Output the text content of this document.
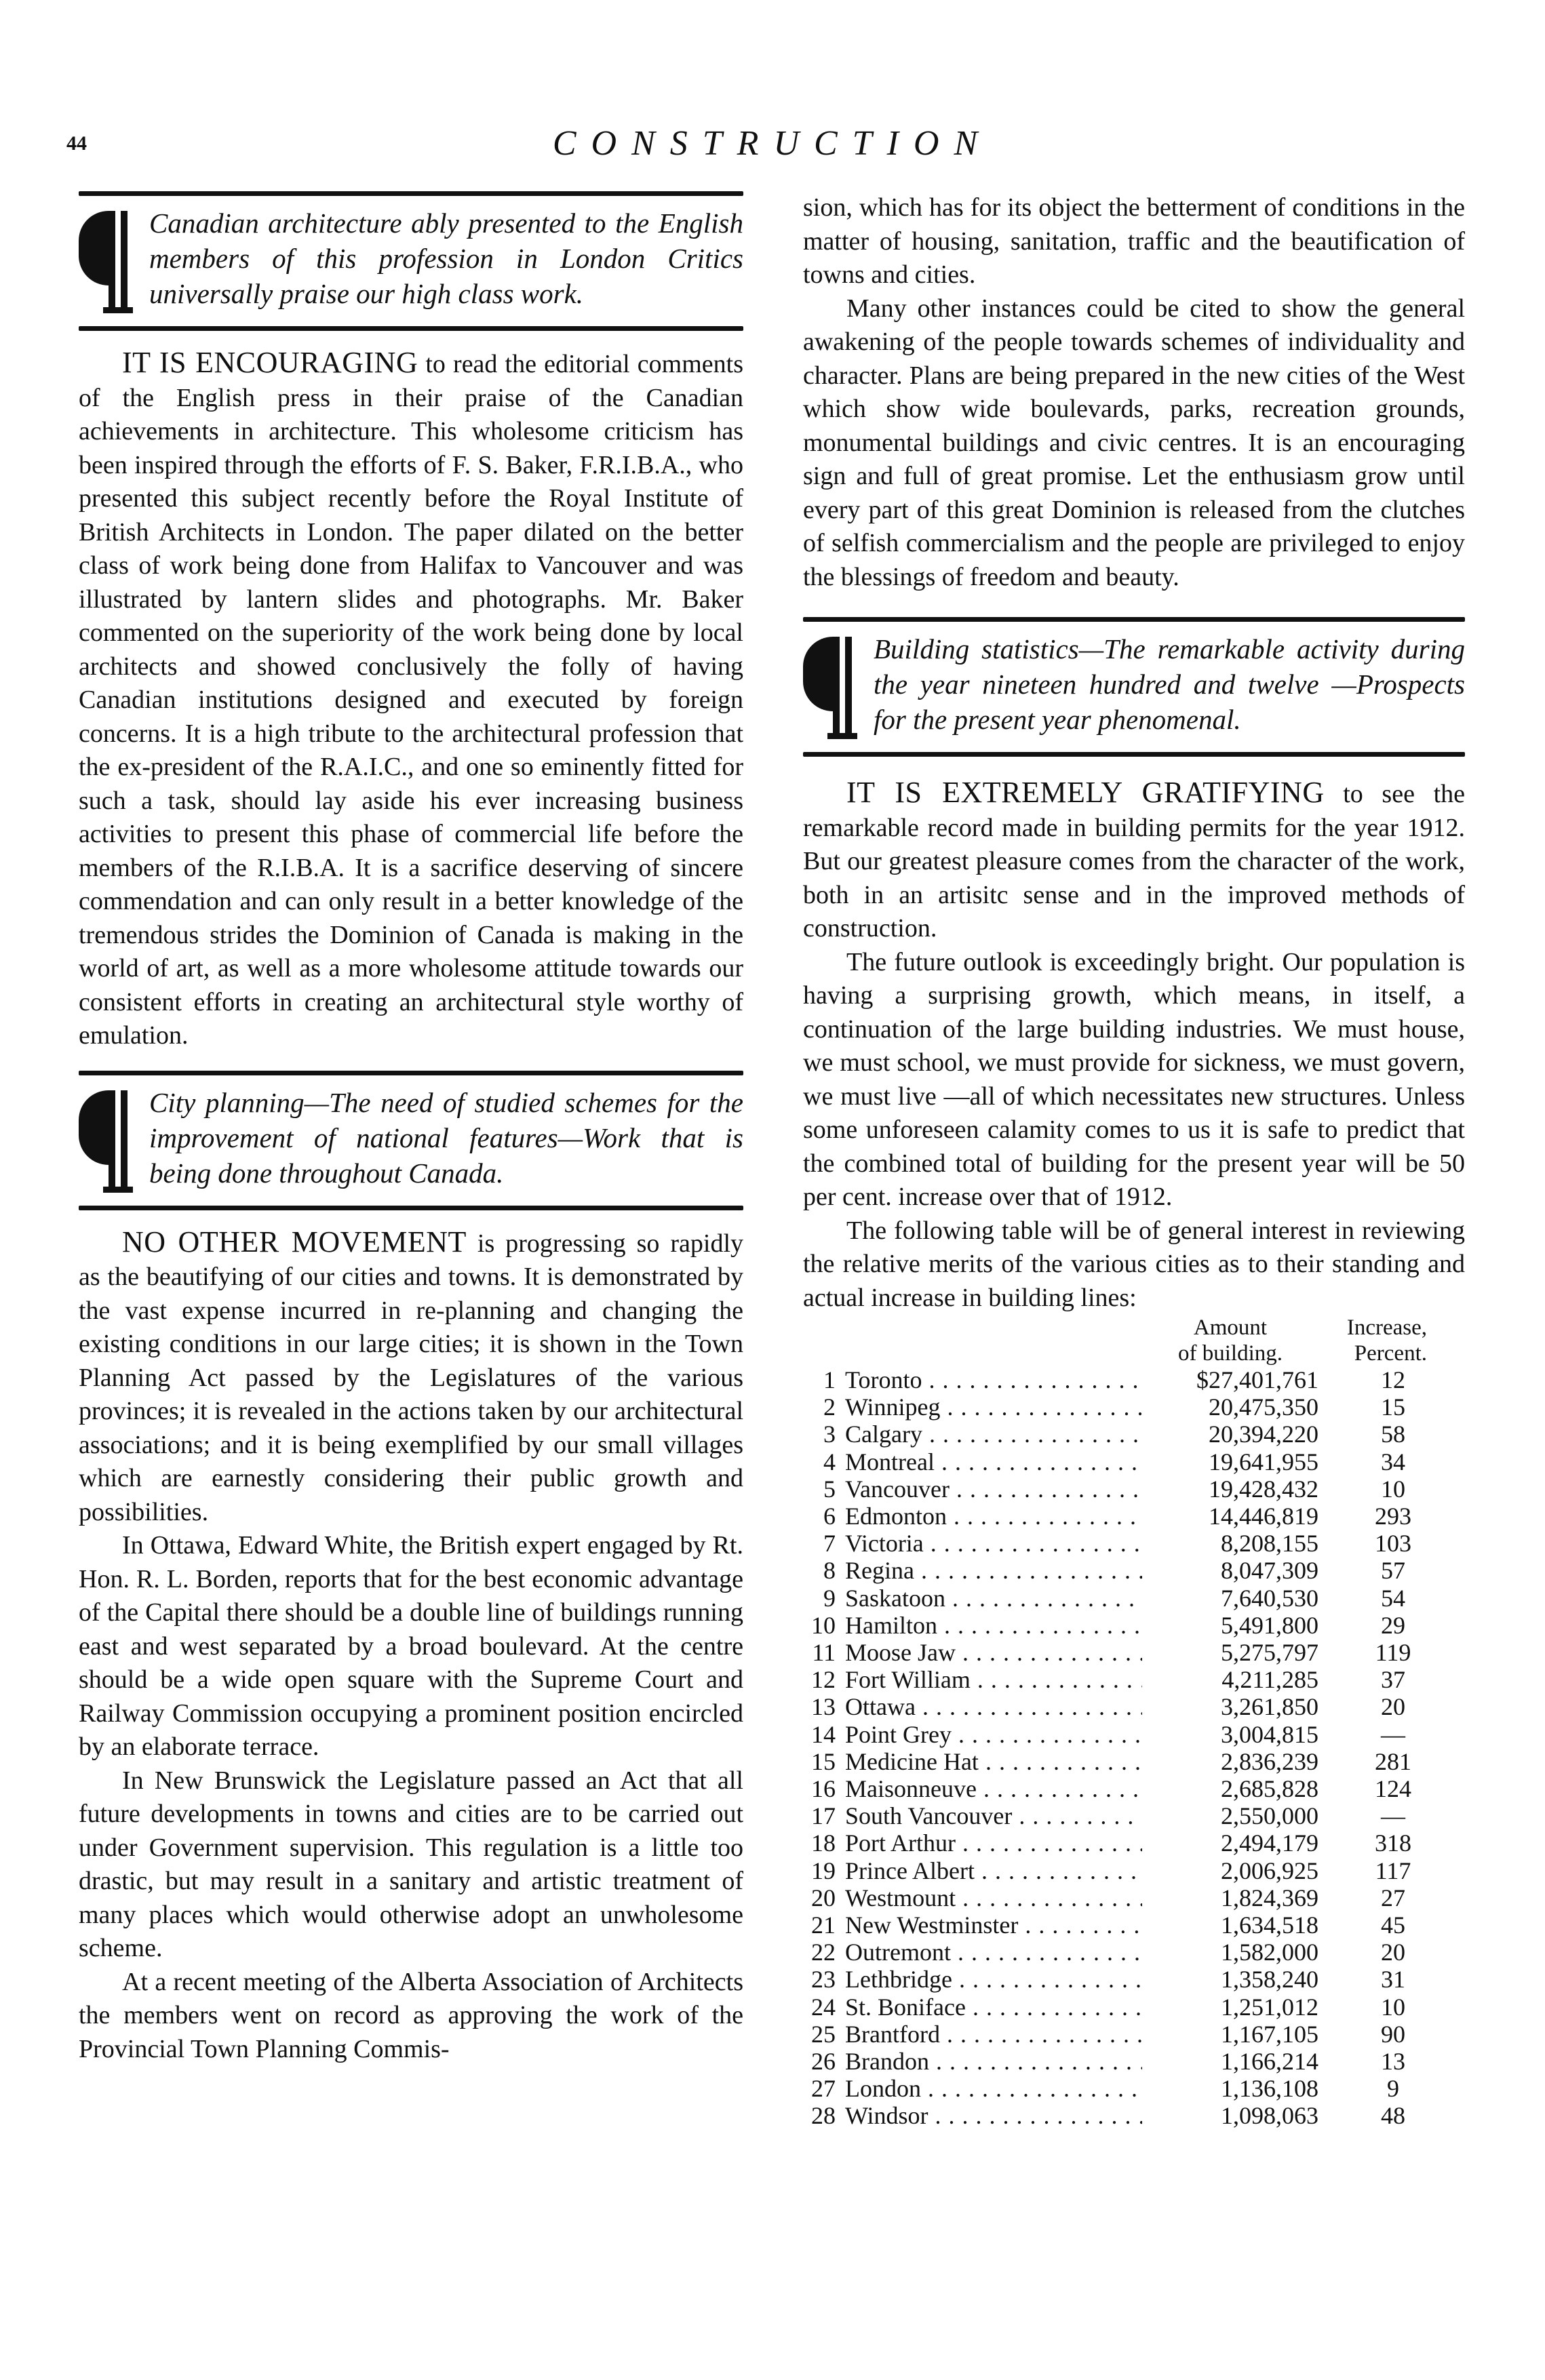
44	CONSTRUCTION
Canadian architecture ably presented to the English members of this profession in London Critics universally praise our high class work.

IT IS ENCOURAGING to read the editorial comments of the English press in their praise of the Canadian achievements in architecture. This wholesome criticism has been inspired through the efforts of F. S. Baker, F.R.I.B.A., who presented this subject recently before the Royal Institute of British Architects in London. The paper dilated on the better class of work being done from Halifax to Vancouver and was illustrated by lantern slides and photographs. Mr. Baker commented on the superiority of the work being done by local architects and showed conclusively the folly of having Canadian institutions designed and executed by foreign concerns. It is a high tribute to the architectural profession that the ex-president of the R.A.I.C., and one so eminently fitted for such a task, should lay aside his ever increasing business activities to present this phase of commercial life before the members of the R.I.B.A. It is a sacrifice deserving of sincere commendation and can only result in a better knowledge of the tremendous strides the Dominion of Canada is making in the world of art, as well as a more wholesome attitude towards our consistent efforts in creating an architectural style worthy of emulation.

City planning—The need of studied schemes for the improvement of national features—Work that is being done throughout Canada.

NO OTHER MOVEMENT is progressing so rapidly as the beautifying of our cities and towns. It is demonstrated by the vast expense incurred in re-planning and changing the existing conditions in our large cities; it is shown in the Town Planning Act passed by the Legislatures of the various provinces; it is revealed in the actions taken by our architectural associations; and it is being exemplified by our small villages which are earnestly considering their public growth and possibilities.

In Ottawa, Edward White, the British expert engaged by Rt. Hon. R. L. Borden, reports that for the best economic advantage of the Capital there should be a double line of buildings running east and west separated by a broad boulevard. At the centre should be a wide open square with the Supreme Court and Railway Commission occupying a prominent position encircled by an elaborate terrace.

In New Brunswick the Legislature passed an Act that all future developments in towns and cities are to be carried out under Government supervision. This regulation is a little too drastic, but may result in a sanitary and artistic treatment of many places which would otherwise adopt an unwholesome scheme.

At a recent meeting of the Alberta Association of Architects the members went on record as approving the work of the Provincial Town Planning Commis-

sion, which has for its object the betterment of conditions in the matter of housing, sanitation, traffic and the beautification of towns and cities.

Many other instances could be cited to show the general awakening of the people towards schemes of individuality and character. Plans are being prepared in the new cities of the West which show wide boulevards, parks, recreation grounds, monumental buildings and civic centres. It is an encouraging sign and full of great promise. Let the enthusiasm grow until every part of this great Dominion is released from the clutches of selfish commercialism and the people are privileged to enjoy the blessings of freedom and beauty.

Building statistics—The remarkable activity during the year nineteen hundred and twelve —Prospects for the present year phenomenal.

IT IS EXTREMELY GRATIFYING to see the remarkable record made in building permits for the year 1912. But our greatest pleasure comes from the character of the work, both in an artisitc sense and in the improved methods of construction.

The future outlook is exceedingly bright. Our population is having a surprising growth, which means, in itself, a continuation of the large building industries. We must house, we must school, we must provide for sickness, we must govern, we must live —all of which necessitates new structures. Unless some unforeseen calamity comes to us it is safe to predict that the combined total of building for the present year will be 50 per cent. increase over that of 1912.

The following table will be of general interest in reviewing the relative merits of the various cities as to their standing and actual increase in building lines:

Amount
of building.
Increase,
Percent.
1 Toronto . . .	$27,401,761	12
2 Winnipeg . . .	20,475,350	15
3 Calgary . . .	20,394,220	58
4 Montreal . . .	19,641,955	34
5 Vancouver . . .	19,428,432	10
6 Edmonton . . .	14,446,819	293
7 Victoria . . .	8,208,155	103
8 Regina . . .	8,047,309	57
9 Saskatoon . . .	7,640,530	54
10 Hamilton . . .	5,491,800	29
11 Moose Jaw . . .	5,275,797	119
12 Fort William . . .	4,211,285	37
13 Ottawa . . .	3,261,850	20
14 Point Grey . . .	3,004,815	—
15 Medicine Hat . . .	2,836,239	281
16 Maisonneuve . . .	2,685,828	124
17 South Vancouver . . .	2,550,000	—
18 Port Arthur . . .	2,494,179	318
19 Prince Albert . . .	2,006,925	117
20 Westmount . . .	1,824,369	27
21 New Westminster . . .	1,634,518	45
22 Outremont . . .	1,582,000	20
23 Lethbridge . . .	1,358,240	31
24 St. Boniface . . .	1,251,012	10
25 Brantford . . .	1,167,105	90
26 Brandon . . .	1,166,214	13
27 London . . .	1,136,108	9
28 Windsor . . .	1,098,063	48
